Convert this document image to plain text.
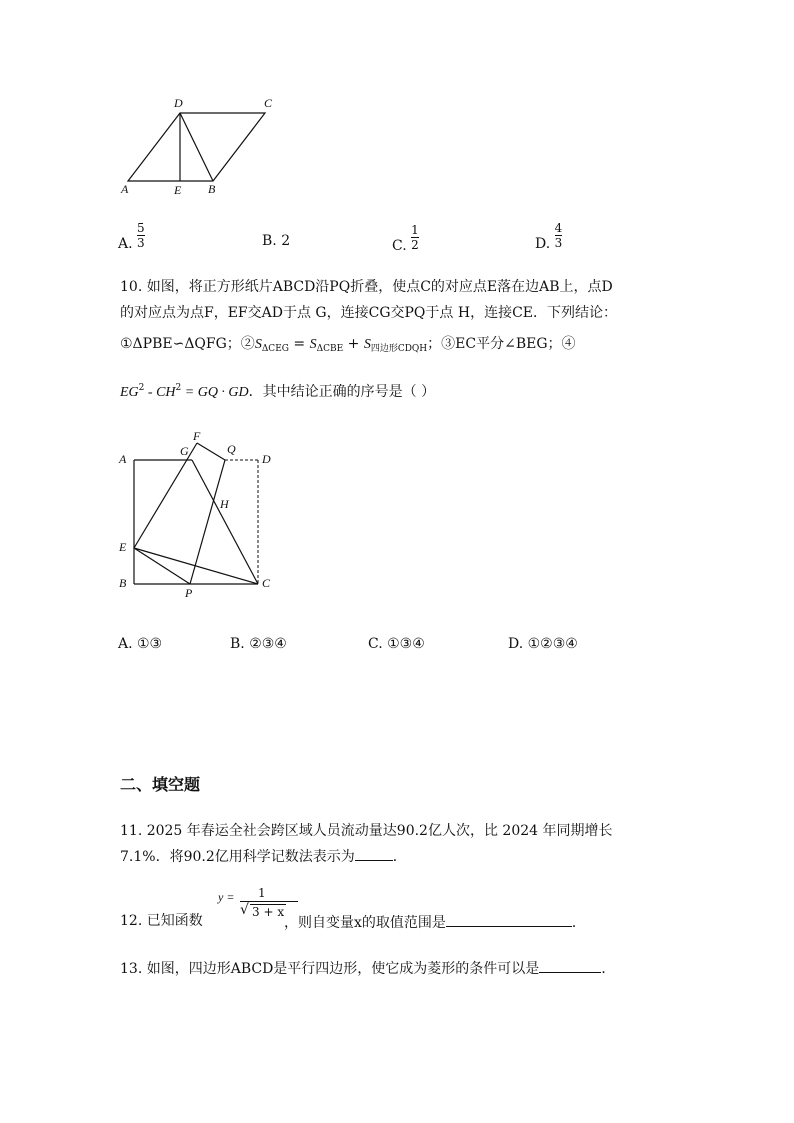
D	C
A	E B
A. $\frac{5}{3}$	B. 2	C. $\frac{1}{2}$	D. $\frac{4}{3}$
10. 如图，将正方形纸片ABCD沿PQ折叠，使点C的对应点E落在边AB上，点D
的对应点为点F，EF交AD于点 G，连接CG交PQ于点 H，连接CE．下列结论：
①ΔPBE∽ΔQFG；$②S_{\Delta CEG} = S_{\Delta CBE} + S_{四边形CDQH}$；③EC平分∠BEG；④
$EG^2 - CH^2$ = GQ · GD．其中结论正确的序号是（ ）
F
G	Q
A	D
H
E
B	C
P
A. ①③	B. ②③④	C. ①③④	D. ①②③④
二、填空题
11. 2025 年春运全社会跨区域人员流动量达90.2亿人次，比 2024 年同期增长
7.1%．将90.2亿用科学记数法表示为	．
12. 已知函数
y = 1
√ 3 + x
，则自变量x的取值范围是	．
13. 如图，四边形ABCD是平行四边形，使它成为菱形的条件可以是	．
